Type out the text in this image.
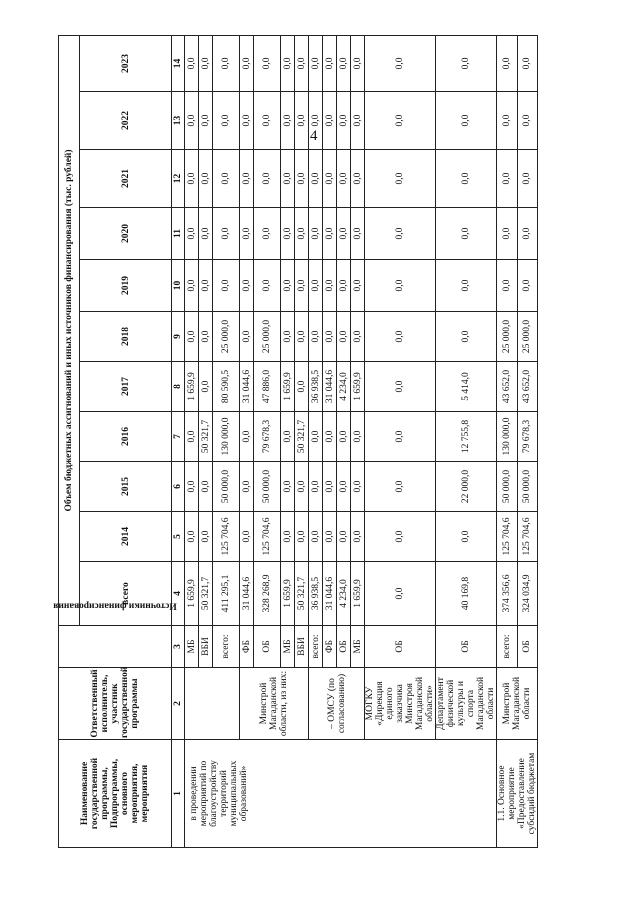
4
Наименование государственной программы, Подпрограммы, основного мероприятия, мероприятия	Ответственный исполнитель, участник государственной программы	Источники финансирования	Объем бюджетных ассигнований и иных источников финансирования (тыс. рублей)										
			всего	2014	2015	2016	2017	2018	2019	2020	2021	2022	2023
1	2	3	4	5	6	7	8	9	10	11	12	13	14
в проведении мероприятий по благоустройству территорий муниципальных образований»		МБ	1 659,9	0,0	0,0	0,0	1 659,9	0,0	0,0	0,0	0,0	0,0	0,0
		ВБИ	50 321,7	0,0	0,0	50 321,7	0,0	0,0	0,0	0,0	0,0	0,0	0,0
		всего:	411 295,1	125 704,6	50 000,0	130 000,0	80 590,5	25 000,0	0,0	0,0	0,0	0,0	0,0
	Минстрой Магаданской области, из них:	ФБ	31 044,6	0,0	0,0	0,0	31 044,6	0,0	0,0	0,0	0,0	0,0	0,0
		ОБ	328 268,9	125 704,6	50 000,0	79 678,3	47 886,0	25 000,0	0,0	0,0	0,0	0,0	0,0
		МБ	1 659,9	0,0	0,0	0,0	1 659,9	0,0	0,0	0,0	0,0	0,0	0,0
		ВБИ	50 321,7	0,0	0,0	50 321,7	0,0	0,0	0,0	0,0	0,0	0,0	0,0
	– ОМСУ (по согласованию)	всего:	36 938,5	0,0	0,0	0,0	36 938,5	0,0	0,0	0,0	0,0	0,0	0,0
		ФБ	31 044,6	0,0	0,0	0,0	31 044,6	0,0	0,0	0,0	0,0	0,0	0,0
		ОБ	4 234,0	0,0	0,0	0,0	4 234,0	0,0	0,0	0,0	0,0	0,0	0,0
		МБ	1 659,9	0,0	0,0	0,0	1 659,9	0,0	0,0	0,0	0,0	0,0	0,0
	МОГКУ «Дирекция единого заказчика Минстроя Магаданской области»	ОБ	0,0	0,0	0,0	0,0	0,0	0,0	0,0	0,0	0,0	0,0	0,0
	Департамент физической культуры и спорта Магаданской области	ОБ	40 169,8	0,0	22 000,0	12 755,8	5 414,0	0,0	0,0	0,0	0,0	0,0	0,0
1.1. Основное мероприятие «Предоставление субсидий бюджетам	Минстрой Магаданской области	всего:	374 356,6	125 704,6	50 000,0	130 000,0	43 652,0	25 000,0	0,0	0,0	0,0	0,0	0,0
		ОБ	324 034,9	125 704,6	50 000,0	79 678,3	43 652,0	25 000,0	0,0	0,0	0,0	0,0	0,0
